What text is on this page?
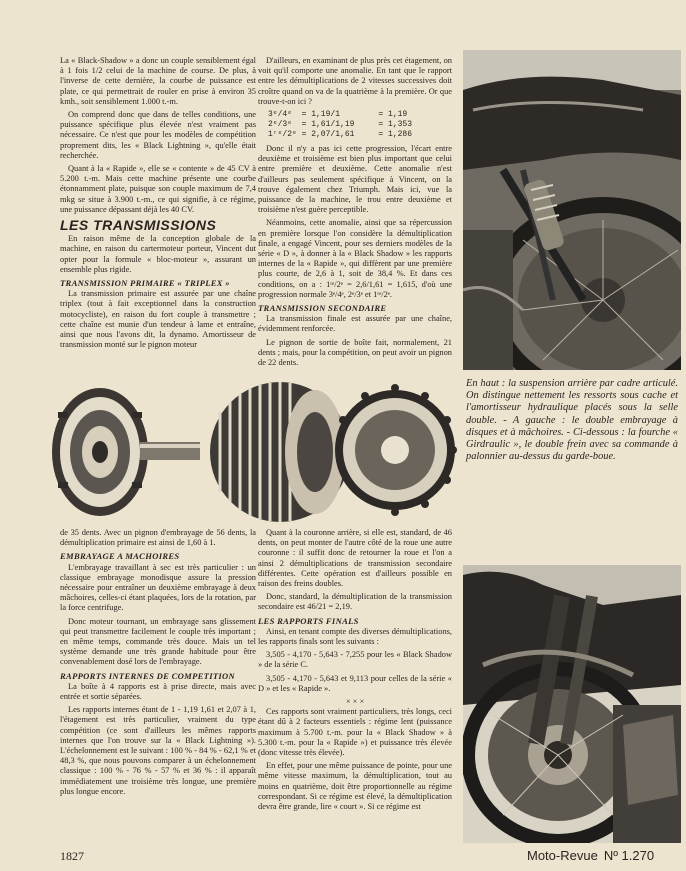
La « Black-Shadow » a donc un couple sensiblement égal à 1 fois 1/2 celui de la machine de course. De plus, à l'inverse de cette dernière, la courbe de puissance est plate, ce qui permettrait de rouler en prise à environ 35 kmh., soit sensiblement 1.000 t.-m.

On comprend donc que dans de telles conditions, une puissance spécifique plus élevée n'est vraiment pas nécessaire. Ce n'est que pour les modèles de compétition proprement dits, les « Black Lightning », qu'elle était recherchée.

Quant à la « Rapide », elle se « contente » de 45 CV à 5.200 t.-m. Mais cette machine présente une courbe étonnamment plate, puisque son couple maximum de 7,4 mkg se situe à 3.900 t.-m., ce qui signifie, à ce régime, une puissance dépassant déjà les 40 CV.

LES TRANSMISSIONS

En raison même de la conception globale de la machine, en raison du cartermoteur porteur, Vincent dut opter pour la formule « bloc-moteur », assurant un ensemble plus rigide.

TRANSMISSION PRIMAIRE « TRIPLEX »

La transmission primaire est assurée par une chaîne triplex (tout à fait exceptionnel dans la construction motocycliste), en raison du fort couple à transmettre ; cette chaîne est munie d'un tendeur à lame et entraîne, ainsi que nous l'avons dit, la dynamo. Amortisseur de transmission monté sur le pignon moteur

D'ailleurs, en examinant de plus près cet étagement, on voit qu'il comporte une anomalie. En tant que le rapport entre les démultiplications de 2 vitesses successives doit croître quand on va de la quatrième à la première. Or que trouve-t-on ici ?

3ᵉ/4ᵉ  = 1,19/1        = 1,19
2ᵉ/3ᵉ  = 1,61/1,19     = 1,353
1ʳᵉ/2ᵉ = 2,07/1,61     = 1,286

Donc il n'y a pas ici cette progression, l'écart entre deuxième et troisième est bien plus important que celui entre première et deuxième. Cette anomalie n'est d'ailleurs pas seulement spécifique à Vincent, on la trouve également chez Triumph. Mais ici, vue la puissance de la machine, le trou entre deuxième et troisième n'est guère perceptible.

Néanmoins, cette anomalie, ainsi que sa répercussion en première lorsque l'on considère la démultiplication finale, a engagé Vincent, pour ses derniers modèles de la série « D », à donner à la « Black Shadow » les rapports internes de la « Rapide », qui diffèrent par une première plus courte, de 2,6 à 1, soit de 38,4 %. Et dans ces conditions, on a : 1ʳᵉ/2ᵉ = 2,6/1,61 = 1,615, d'où une progression normale 3ᵉ/4ᵉ, 2ᵉ/3ᵉ et 1ʳᵉ/2ᵉ.

TRANSMISSION SECONDAIRE

La transmission finale est assurée par une chaîne, évidemment renforcée.

Le pignon de sortie de boîte fait, normalement, 21 dents ; mais, pour la compétition, on peut avoir un pignon de 22 dents.

En haut : la suspension arrière par cadre articulé. On distingue nettement les ressorts sous cache et l'amortisseur hydraulique placés sous la selle double. - A gauche : le double embrayage à disques et à mâchoires. - Ci-dessous : la fourche « Girdraulic », le double frein avec sa commande à palonnier au-dessus du garde-boue.

de 35 dents. Avec un pignon d'embrayage de 56 dents, la démultiplication primaire est ainsi de 1,60 à 1.

EMBRAYAGE A MACHOIRES

L'embrayage travaillant à sec est très particulier : un classique embrayage monodisque assure la pression nécessaire pour entraîner un deuxième embrayage à deux mâchoires, celles-ci étant plaquées, lors de la rotation, par la force centrifuge.

Donc moteur tournant, un embrayage sans glissement qui peut transmettre facilement le couple très important ; en même temps, commande très douce. Mais un tel système demande une très grande habitude pour être convenablement dosé lors de l'embrayage.

RAPPORTS INTERNES DE COMPETITION

La boîte à 4 rapports est à prise directe, mais avec entrée et sortie séparées.

Les rapports internes étant de 1 - 1,19 1,61 et 2,07 à 1, l'étagement est très particulier, vraiment du type compétition (ce sont d'ailleurs les mêmes rapports internes que l'on trouve sur la « Black Lightning »). L'échelonnement est le suivant : 100 % - 84 % - 62,1 % et 48,3 %, que nous pouvons comparer à un échelonnement classique : 100 % - 76 % - 57 % et 36 % : il apparaît immédiatement une troisième très longue, une première plus longue encore.

Quant à la couronne arrière, si elle est, standard, de 46 dents, on peut monter de l'autre côté de la roue une autre couronne : il suffit donc de retourner la roue et l'on a ainsi 2 démultiplications de transmission secondaire différentes. Cette opération est d'ailleurs possible en raison des freins doubles.

Donc, standard, la démultiplication de la transmission secondaire est 46/21 = 2,19.

LES RAPPORTS FINALS

Ainsi, en tenant compte des diverses démultiplications, les rapports finals sont les suivants :

3,505 - 4,170 - 5,643 - 7,255 pour les « Black Shadow » de la série C.

3,505 - 4,170 - 5,643 et 9,113 pour celles de la série « D » et les « Rapide ».

× × ×

Ces rapports sont vraiment particuliers, très longs, ceci étant dû à 2 facteurs essentiels : régime lent (puissance maximum à 5.700 t.-m. pour la « Black Shadow » à 5.300 t.-m. pour la « Rapide ») et puissance très élevée (donc vitesse très élevée).

En effet, pour une même puissance de pointe, pour une même vitesse maximum, la démultiplication, tout au moins en quatrième, doit être proportionnelle au régime correspondant. Si ce régime est élevé, la démultiplication devra être grande, lire « court ». Si ce régime est

1827	Moto-Revue Nº 1.270
